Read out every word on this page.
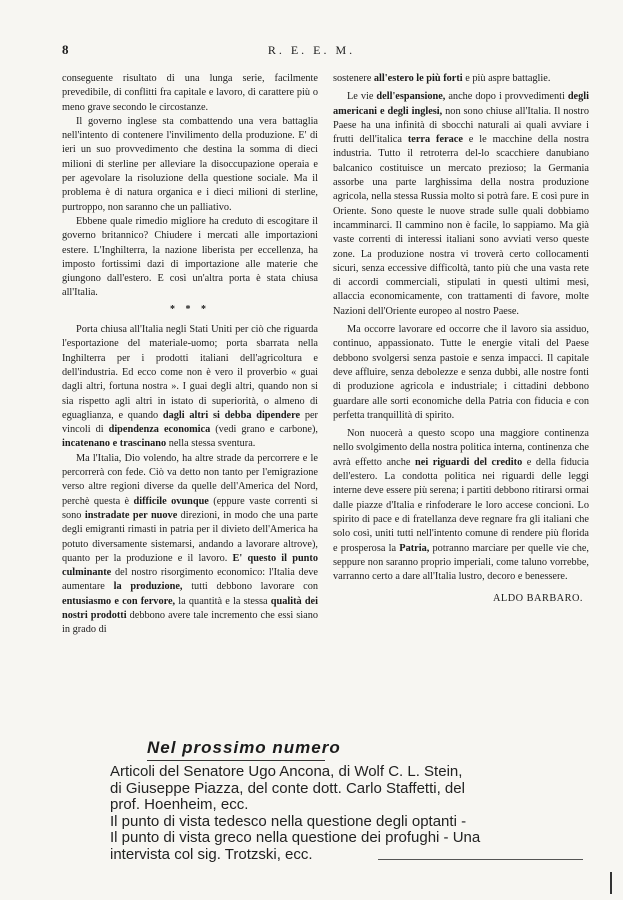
8	R. E. E. M.

conseguente risultato di una lunga serie, facilmente prevedibile, di conflitti fra capitale e lavoro, di carattere più o meno grave secondo le circostanze.

Il governo inglese sta combattendo una vera battaglia nell'intento di contenere l'invilimento della produzione. E' di ieri un suo provvedimento che destina la somma di dieci milioni di sterline per alleviare la disoccupazione operaia e per agevolare la risoluzione della questione sociale. Ma il problema è di natura organica e i dieci milioni di sterline, purtroppo, non saranno che un palliativo.

Ebbene quale rimedio migliore ha creduto di escogitare il governo britannico? Chiudere i mercati alle importazioni estere. L'Inghilterra, la nazione liberista per eccellenza, ha imposto fortissimi dazi di importazione alle materie che giungono dall'estero. E così un'altra porta è stata chiusa all'Italia.

* * *

Porta chiusa all'Italia negli Stati Uniti per ciò che riguarda l'esportazione del materiale-uomo; porta sbarrata nella Inghilterra per i prodotti italiani dell'agricoltura e dell'industria. Ed ecco come non è vero il proverbio « guai dagli altri, fortuna nostra ». I guai degli altri, quando non si sia rispetto agli altri in istato di superiorità, o almeno di eguaglianza, e quando dagli altri si debba dipendere per vincoli di dipendenza economica (vedi grano e carbone), incatenano e trascinano nella stessa sventura.

Ma l'Italia, Dio volendo, ha altre strade da percorrere e le percorrerà con fede. Ciò va detto non tanto per l'emigrazione verso altre regioni diverse da quelle dell'America del Nord, perchè questa è difficile ovunque (eppure vaste correnti si sono instradate per nuove direzioni, in modo che una parte degli emigranti rimasti in patria per il divieto dell'America ha potuto diversamente sistemarsi, andando a lavorare altrove), quanto per la produzione e il lavoro. E' questo il punto culminante del nostro risorgimento economico: l'Italia deve aumentare la produzione, tutti debbono lavorare con entusiasmo e con fervore, la quantità e la stessa qualità dei nostri prodotti debbono avere tale incremento che essi siano in grado di

sostenere all'estero le più forti e più aspre battaglie.

Le vie dell'espansione, anche dopo i provvedimenti degli americani e degli inglesi, non sono chiuse all'Italia. Il nostro Paese ha una infinità di sbocchi naturali ai quali avviare i frutti dell'italica terra ferace e le macchine della nostra industria. Tutto il retroterra del-lo scacchiere danubiano balcanico costituisce un mercato prezioso; la Germania assorbe una parte larghissima della nostra produzione agricola, nella stessa Russia molto si potrà fare. E così pure in Oriente. Sono queste le nuove strade sulle quali dobbiamo incamminarci. Il cammino non è facile, lo sappiamo. Ma già vaste correnti di interessi italiani sono avviati verso queste zone. La produzione nostra vi troverà certo collocamenti sicuri, senza eccessive difficoltà, tanto più che una vasta rete di accordi commerciali, stipulati in questi ultimi mesi, allaccia economicamente, con trattamenti di favore, molte Nazioni dell'Oriente europeo al nostro Paese.

Ma occorre lavorare ed occorre che il lavoro sia assiduo, continuo, appassionato. Tutte le energie vitali del Paese debbono svolgersi senza pastoie e senza impacci. Il capitale deve affluire, senza debolezze e senza dubbi, alle nostre fonti di produzione agricola e industriale; i cittadini debbono guardare alle sorti economiche della Patria con fiducia e con perfetta tranquillità di spirito.

Non nuocerà a questo scopo una maggiore continenza nello svolgimento della nostra politica interna, continenza che avrà effetto anche nei riguardi del credito e della fiducia dell'estero. La condotta politica nei riguardi delle leggi interne deve essere più serena; i partiti debbono ritirarsi ormai dalle piazze d'Italia e rinfoderare le loro accese concioni. Lo spirito di pace e di fratellanza deve regnare fra gli italiani che solo così, uniti tutti nell'intento comune di rendere più florida e prosperosa la Patria, potranno marciare per quelle vie che, seppure non saranno proprio imperiali, come taluno vorrebbe, varranno certo a dare all'Italia lustro, decoro e benessere.

ALDO BARBARO.
Nel prossimo numero
Articoli del Senatore Ugo Ancona, di Wolf C. L. Stein,
di Giuseppe Piazza, del conte dott. Carlo Staffetti, del
prof. Hoenheim, ecc.
Il punto di vista tedesco nella questione degli optanti -
Il punto di vista greco nella questione dei profughi - Una
intervista col sig. Trotzski, ecc.
